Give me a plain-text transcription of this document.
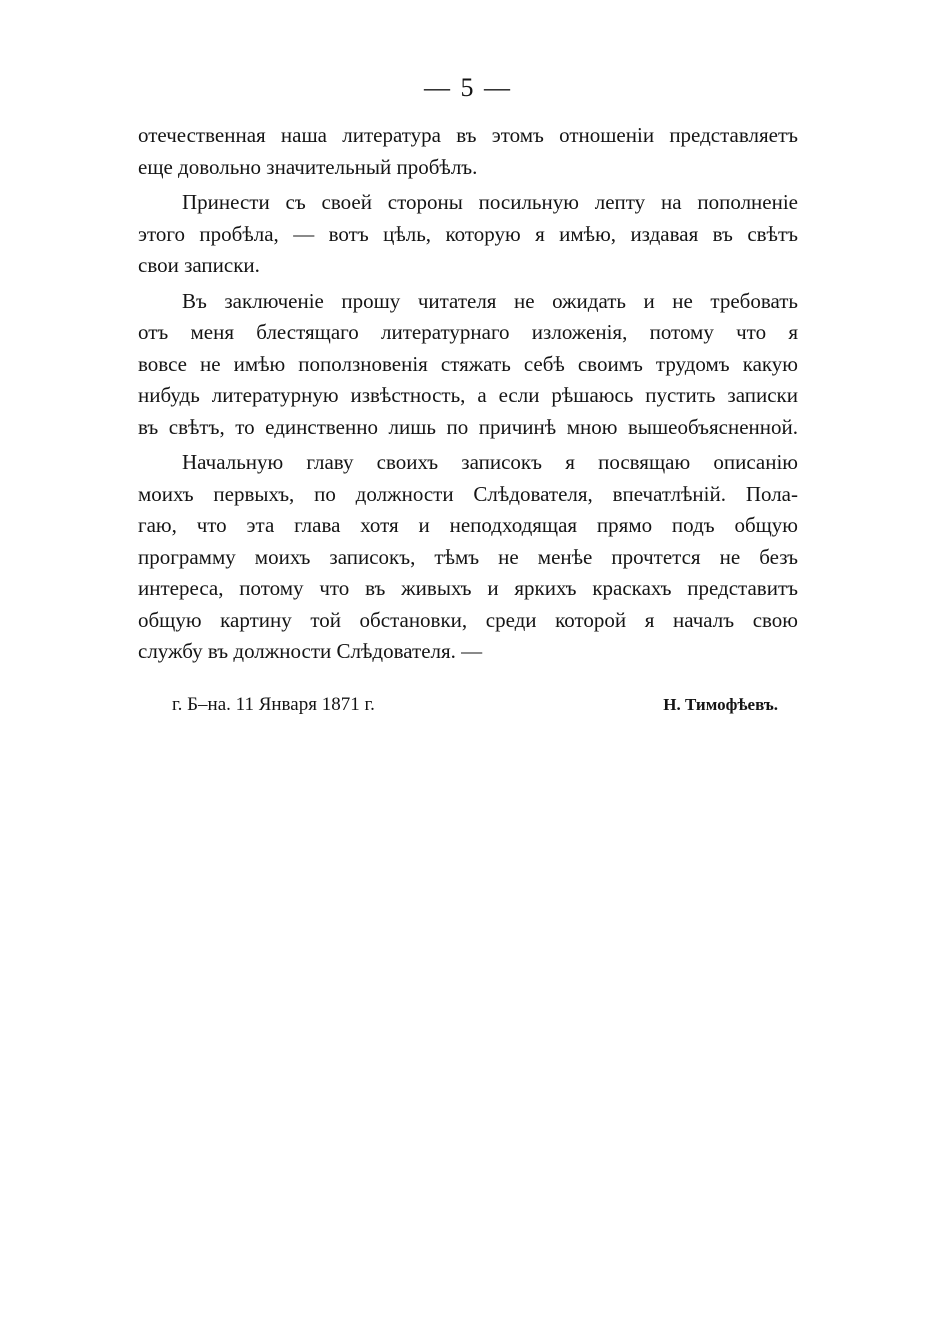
— 5 —
отечественная наша литература въ этомъ отношенiи представляетъ
еще довольно значительный пробѣлъ.
Принести съ своей стороны посильную лепту на пополненiе
этого пробѣла, — вотъ цѣль, которую я имѣю, издавая въ свѣтъ
свои записки.
Въ заключенiе прошу читателя не ожидать и не требовать
отъ меня блестящаго литературнаго изложенiя, потому что я
вовсе не имѣю поползновенiя стяжать себѣ своимъ трудомъ какую
нибудь литературную извѣстность, а если рѣшаюсь пустить записки
въ свѣтъ, то единственно лишь по причинѣ мною вышеобъясненной.
Начальную главу своихъ записокъ я посвящаю описанiю
моихъ первыхъ, по должности Слѣдователя, впечатлѣнiй. Пола-
гаю, что эта глава хотя и неподходящая прямо подъ общую
программу моихъ записокъ, тѣмъ не менѣе прочтется не безъ
интереса, потому что въ живыхъ и яркихъ краскахъ представитъ
общую картину той обстановки, среди которой я началъ свою
службу въ должности Слѣдователя. —
г. Б–на. 11 Января 1871 г.	Н. Тимофѣевъ.
